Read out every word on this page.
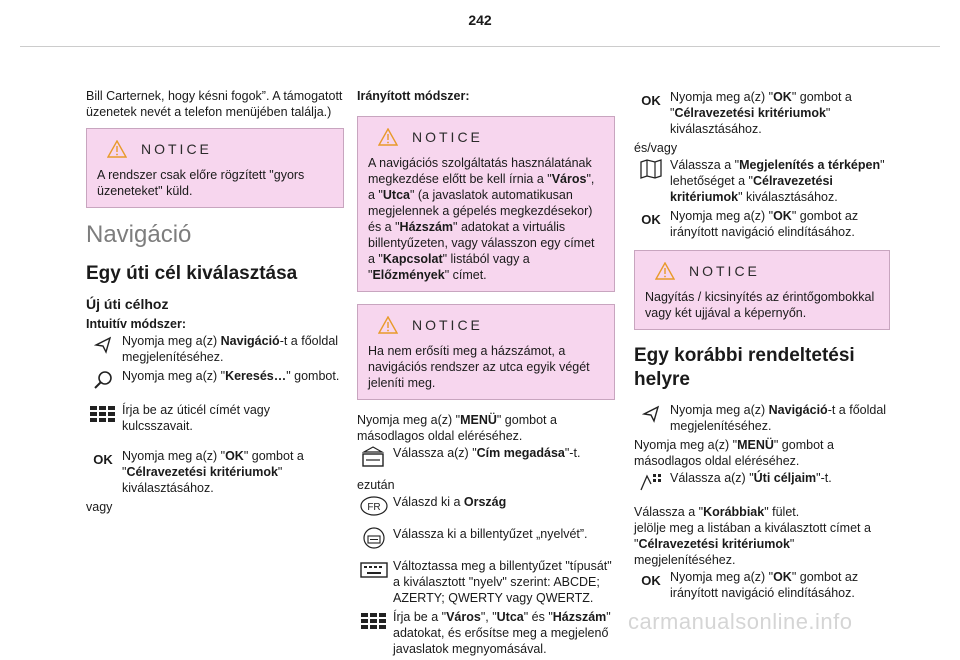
242

Bill Carternek, hogy késni fogok”. A támogatott üzenetek nevét a telefon menüjében találja.)

NOTICE

A rendszer csak előre rögzített "gyors üzeneteket" küld.

Navigáció
Egy úti cél kiválasztása
Új úti célhoz

Intuitív módszer:

Nyomja meg a(z) Navigáció-t a főoldal megjelenítéséhez.

Nyomja meg a(z) "Keresés…" gombot.

Írja be az úticél címét vagy kulcsszavait.

OK Nyomja meg a(z) "OK" gombot a "Célravezetési kritériumok" kiválasztásához.

vagy

Irányított módszer:

NOTICE

A navigációs szolgáltatás használatának megkezdése előtt be kell írnia a "Város", a "Utca" (a javaslatok automatikusan megjelennek a gépelés megkezdésekor) és a "Házszám" adatokat a virtuális billentyűzeten, vagy válasszon egy címet a "Kapcsolat" listából vagy a "Előzmények" címet.

NOTICE

Ha nem erősíti meg a házszámot, a navigációs rendszer az utca egyik végét jeleníti meg.

Nyomja meg a(z) "MENÜ" gombot a másodlagos oldal eléréséhez.

Válassza a(z) "Cím megadása"-t.

ezután

FR Válaszd ki a Ország

Válassza ki a billentyűzet „nyelvét”.

Változtassa meg a billentyűzet "típusát" a kiválasztott "nyelv" szerint: ABCDE; AZERTY; QWERTY vagy QWERTZ.

Írja be a "Város", "Utca" és "Házszám" adatokat, és erősítse meg a megjelenő javaslatok megnyomásával.

OK Nyomja meg a(z) "OK" gombot a "Célravezetési kritériumok" kiválasztásához.

és/vagy

Válassza a "Megjelenítés a térképen" lehetőséget a "Célravezetési kritériumok" kiválasztásához.

OK Nyomja meg a(z) "OK" gombot az irányított navigáció elindításához.

NOTICE

Nagyítás / kicsinyítés az érintőgombokkal vagy két ujjával a képernyőn.

Egy korábbi rendeltetési helyre

Nyomja meg a(z) Navigáció-t a főoldal megjelenítéséhez.

Nyomja meg a(z) "MENÜ" gombot a másodlagos oldal eléréséhez.

Válassza a(z) "Úti céljaim"-t.

Válassza a "Korábbiak" fület.

jelölje meg a listában a kiválasztott címet a "Célravezetési kritériumok" megjelenítéséhez.

OK Nyomja meg a(z) "OK" gombot az irányított navigáció elindításához.

carmanualsonline.info
